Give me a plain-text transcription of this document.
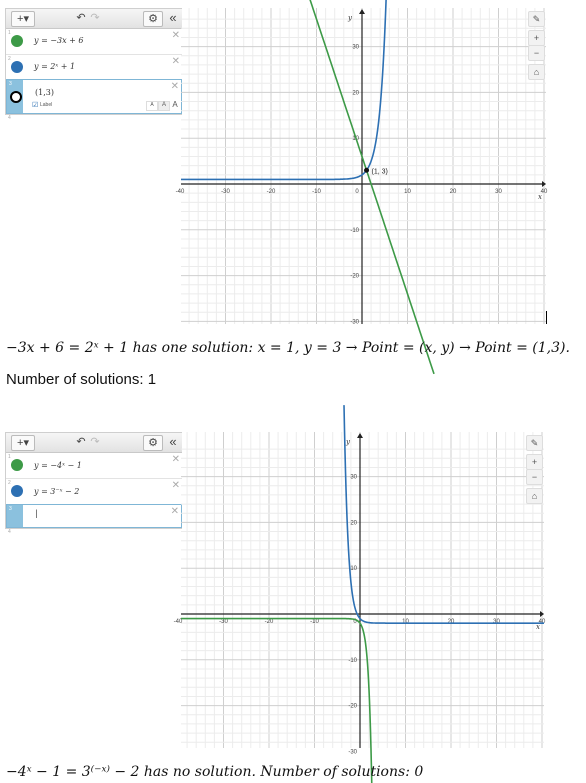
+▾	↶ ↷	⚙ «
1
y = −3x + 6	✕
2
y = 2ˣ + 1	✕
3
(1,3)
✕
☑ Label	A	A A
4
-40	-30	-20	-10	0	10	20	30	40
30
20
10
-10
-20
-30
x
y
(1, 3)
✎
+
−
⌂
−3x + 6 = 2ˣ + 1 has one solution: x = 1, y = 3 → Point = (x, y) → Point = (1,3).
Number of solutions: 1
+▾	↶ ↷	⚙ «
1
y = −4ˣ − 1
✕
2
y = 3⁻ˣ − 2
✕
3	|	✕
4
-40	-30	-20	-10	0	10	20	30	40
30
20
10
-10
-20
-30
x
y	✎
+
−
⌂
−4ˣ − 1 = 3⁽⁻ˣ⁾ − 2 has no solution. Number of solutions: 0
